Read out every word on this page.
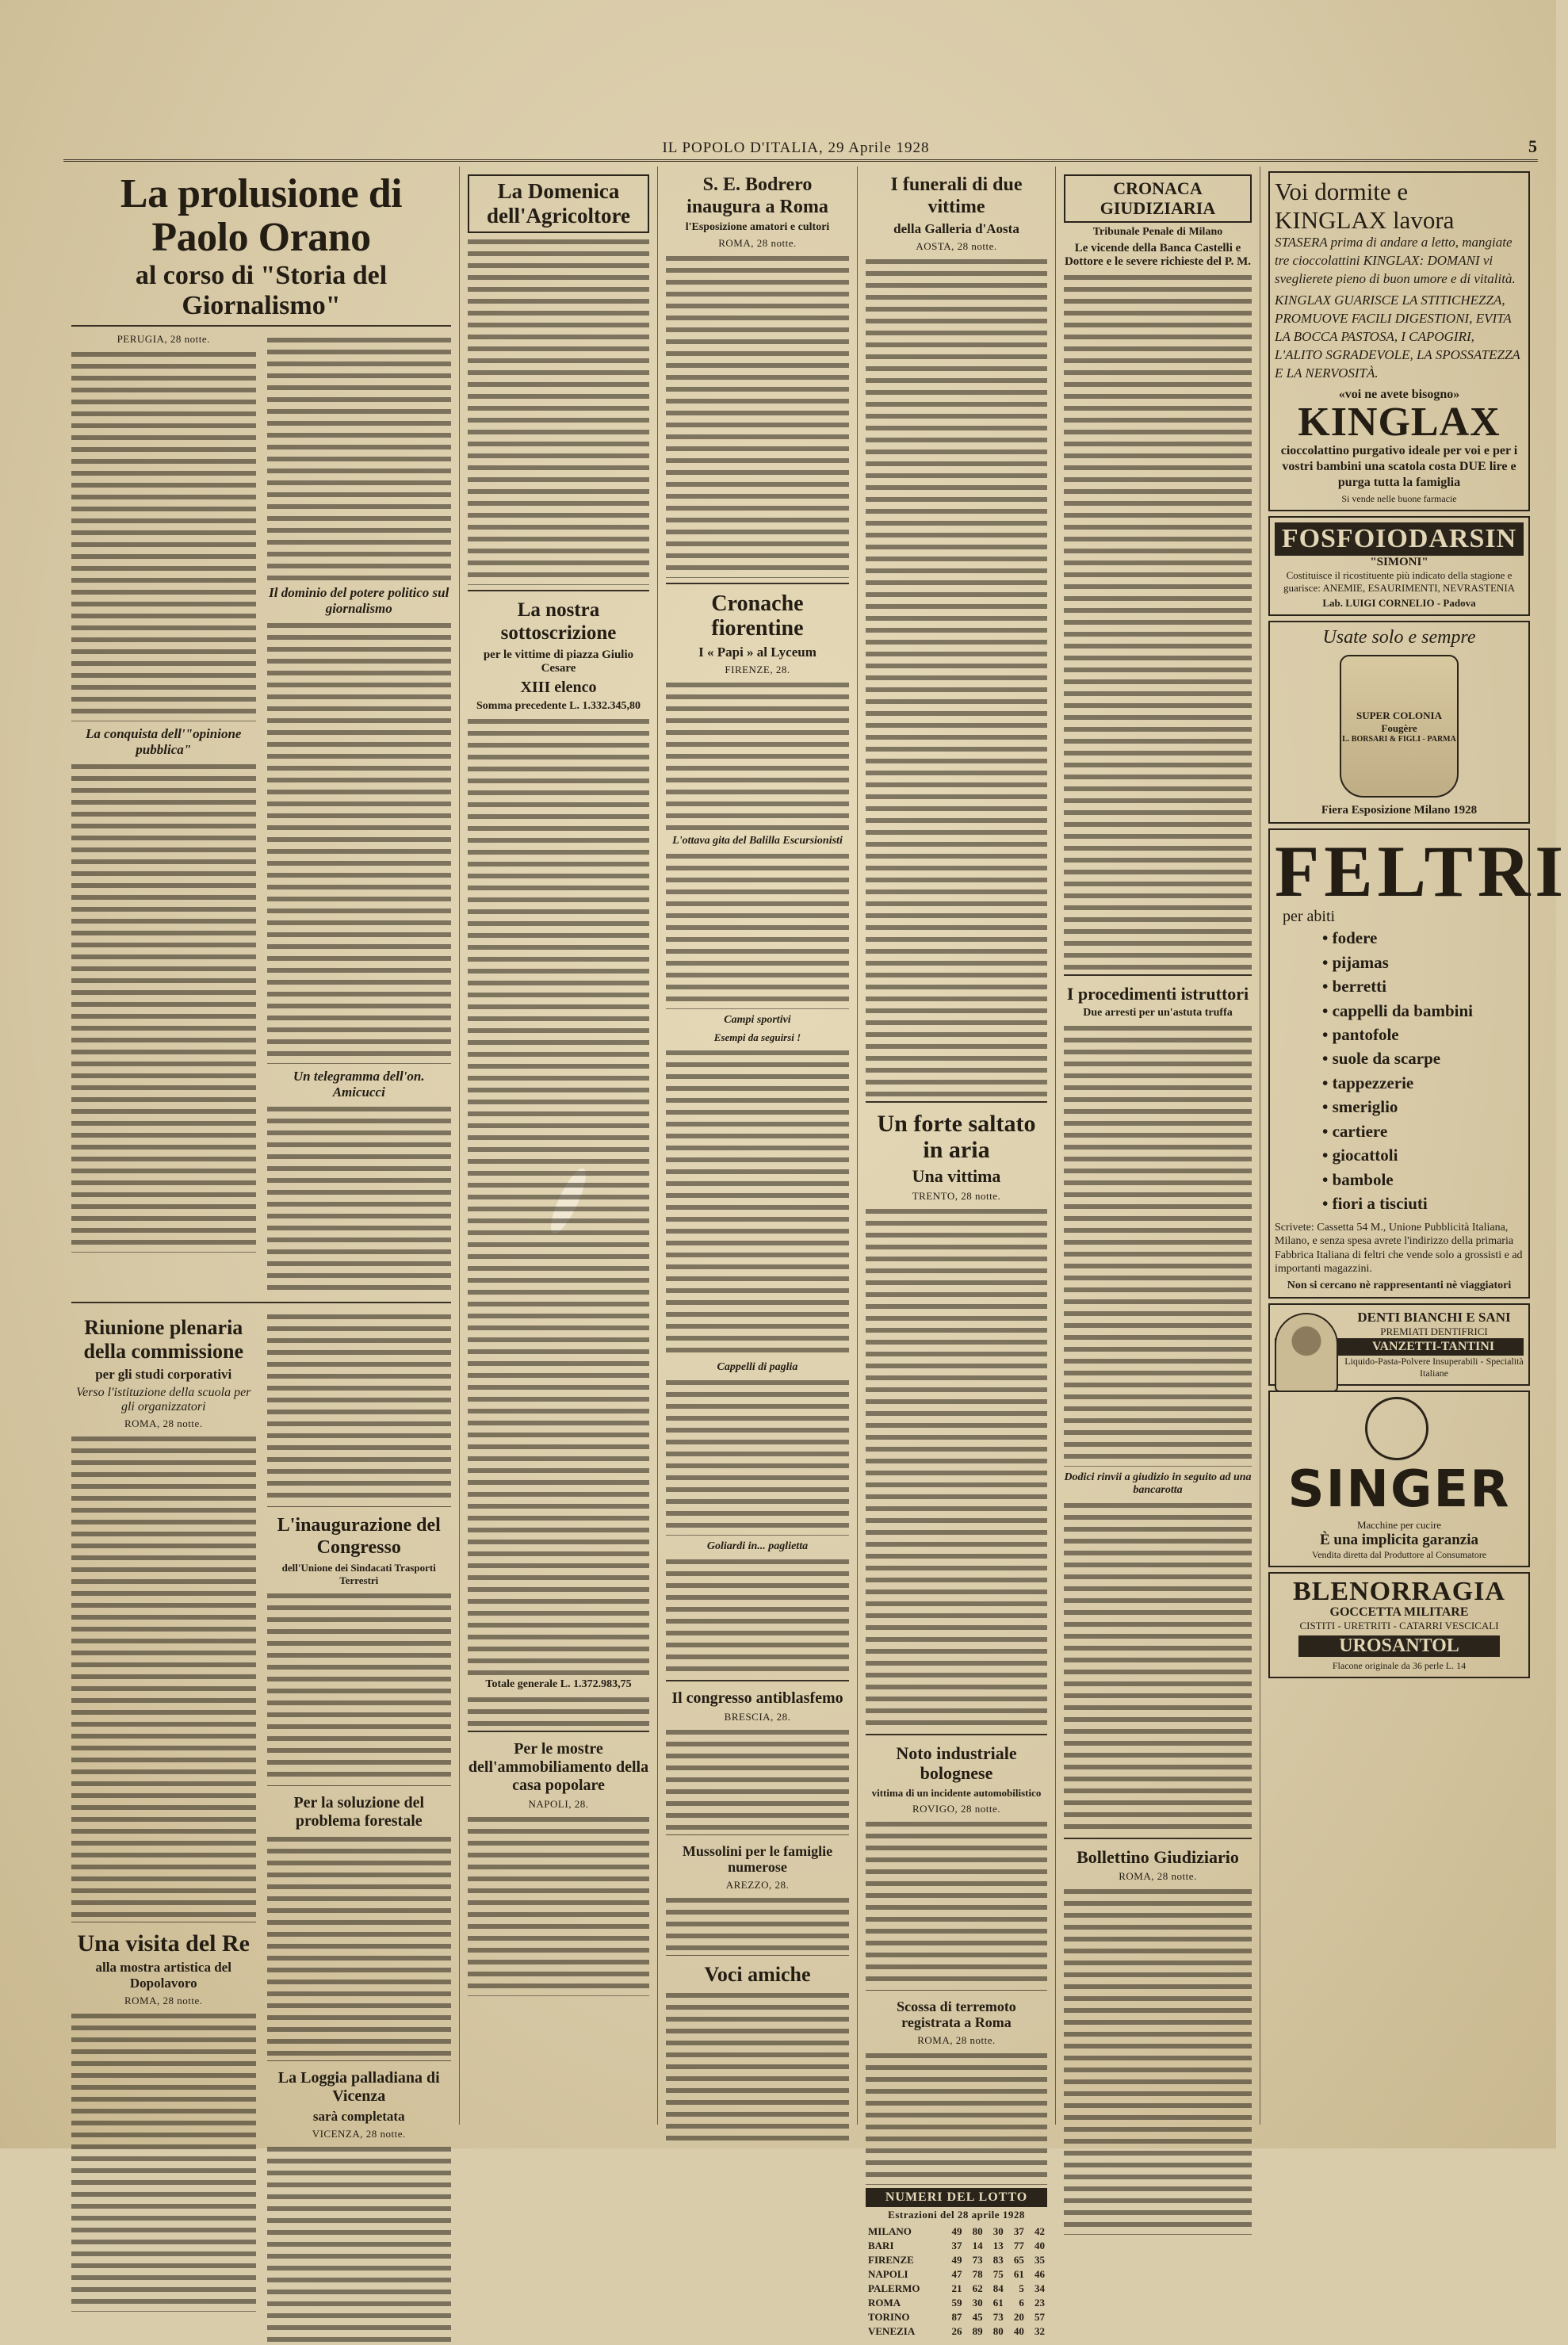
IL POPOLO D'ITALIA, 29 Aprile 1928	5
La prolusione di Paolo Orano
al corso di "Storia del Giornalismo"
PERUGIA, 28 notte.
La conquista dell'"opinione pubblica"
Il dominio del potere politico sul giornalismo
Un telegramma dell'on. Amicucci
Riunione plenaria della commissione
per gli studi corporativi
Verso l'istituzione della scuola per gli organizzatori
ROMA, 28 notte.
Una visita del Re
alla mostra artistica del Dopolavoro
ROMA, 28 notte.
L'inaugurazione del Congresso
dell'Unione dei Sindacati Trasporti Terrestri
Per la soluzione del problema forestale
La Loggia palladiana di Vicenza
sarà completata
VICENZA, 28 notte.
La Domenica dell'Agricoltore
La nostra sottoscrizione
per le vittime di piazza Giulio Cesare
XIII elenco
Somma precedente L. 1.332.345,80
Totale generale L. 1.372.983,75
Per le mostre dell'ammobiliamento della casa popolare
NAPOLI, 28.
S. E. Bodrero inaugura a Roma
l'Esposizione amatori e cultori
ROMA, 28 notte.
Cronache fiorentine
I « Papi » al Lyceum
FIRENZE, 28.
L'ottava gita del Balilla Escursionisti
Campi sportivi
Esempi da seguirsi !
Cappelli di paglia
Goliardi in... paglietta
Il congresso antiblasfemo
BRESCIA, 28.
Mussolini per le famiglie numerose
AREZZO, 28.
Voci amiche
I funerali di due vittime
della Galleria d'Aosta
AOSTA, 28 notte.
Un forte saltato in aria
Una vittima
TRENTO, 28 notte.
Noto industriale bolognese
vittima di un incidente automobilistico
ROVIGO, 28 notte.
Scossa di terremoto registrata a Roma
ROMA, 28 notte.
NUMERI DEL LOTTO
Estrazioni del 28 aprile 1928
MILANO	49	80	30	37	42
BARI	37	14	13	77	40
FIRENZE	49	73	83	65	35
NAPOLI	47	78	75	61	46
PALERMO	21	62	84	5	34
ROMA	59	30	61	6	23
TORINO	87	45	73	20	57
VENEZIA	26	89	80	40	32
CRONACA GIUDIZIARIA
Tribunale Penale di Milano
Le vicende della Banca Castelli e Dottore e le severe richieste del P. M.
I procedimenti istruttori
Due arresti per un'astuta truffa
Dodici rinvii a giudizio in seguito ad una bancarotta
Bollettino Giudiziario
ROMA, 28 notte.
Voi dormite e KINGLAX lavora
STASERA prima di andare a letto, mangiate tre cioccolattini KINGLAX: DOMANI vi sveglierete pieno di buon umore e di vitalità.
KINGLAX GUARISCE LA STITICHEZZA, PROMUOVE FACILI DIGESTIONI, EVITA LA BOCCA PASTOSA, I CAPOGIRI, L'ALITO SGRADEVOLE, LA SPOSSATEZZA E LA NERVOSITÀ.
«voi ne avete bisogno»
KINGLAX
cioccolattino purgativo ideale per voi e per i vostri bambini una scatola costa DUE lire e purga tutta la famiglia
Si vende nelle buone farmacie
FOSFOIODARSIN
"SIMONI"
Costituisce il ricostituente più indicato della stagione e guarisce: ANEMIE, ESAURIMENTI, NEVRASTENIA
Lab. LUIGI CORNELIO - Padova
Usate solo e sempre
SUPER COLONIA Fougère
L. BORSARI & FIGLI - PARMA
Fiera Esposizione Milano 1928
FELTRI
per abiti
• fodere
• pijamas
• berretti
• cappelli da bambini
• pantofole
• suole da scarpe
• tappezzerie
• smeriglio
• cartiere
• giocattoli
• bambole
• fiori a tisciuti
Scrivete: Cassetta 54 M., Unione Pubblicità Italiana, Milano, e senza spesa avrete l'indirizzo della primaria Fabbrica Italiana di feltri che vende solo a grossisti e ad importanti magazzini.
Non si cercano nè rappresentanti nè viaggiatori
DENTI BIANCHI E SANI
PREMIATI DENTIFRICI
VANZETTI-TANTINI
Liquido-Pasta-Polvere Insuperabili - Specialità Italiane
SINGER
Macchine per cucire
È una implicita garanzia
Vendita diretta dal Produttore al Consumatore
BLENORRAGIA
GOCCETTA MILITARE
CISTITI - URETRITI - CATARRI VESCICALI
UROSANTOL
Flacone originale da 36 perle L. 14
